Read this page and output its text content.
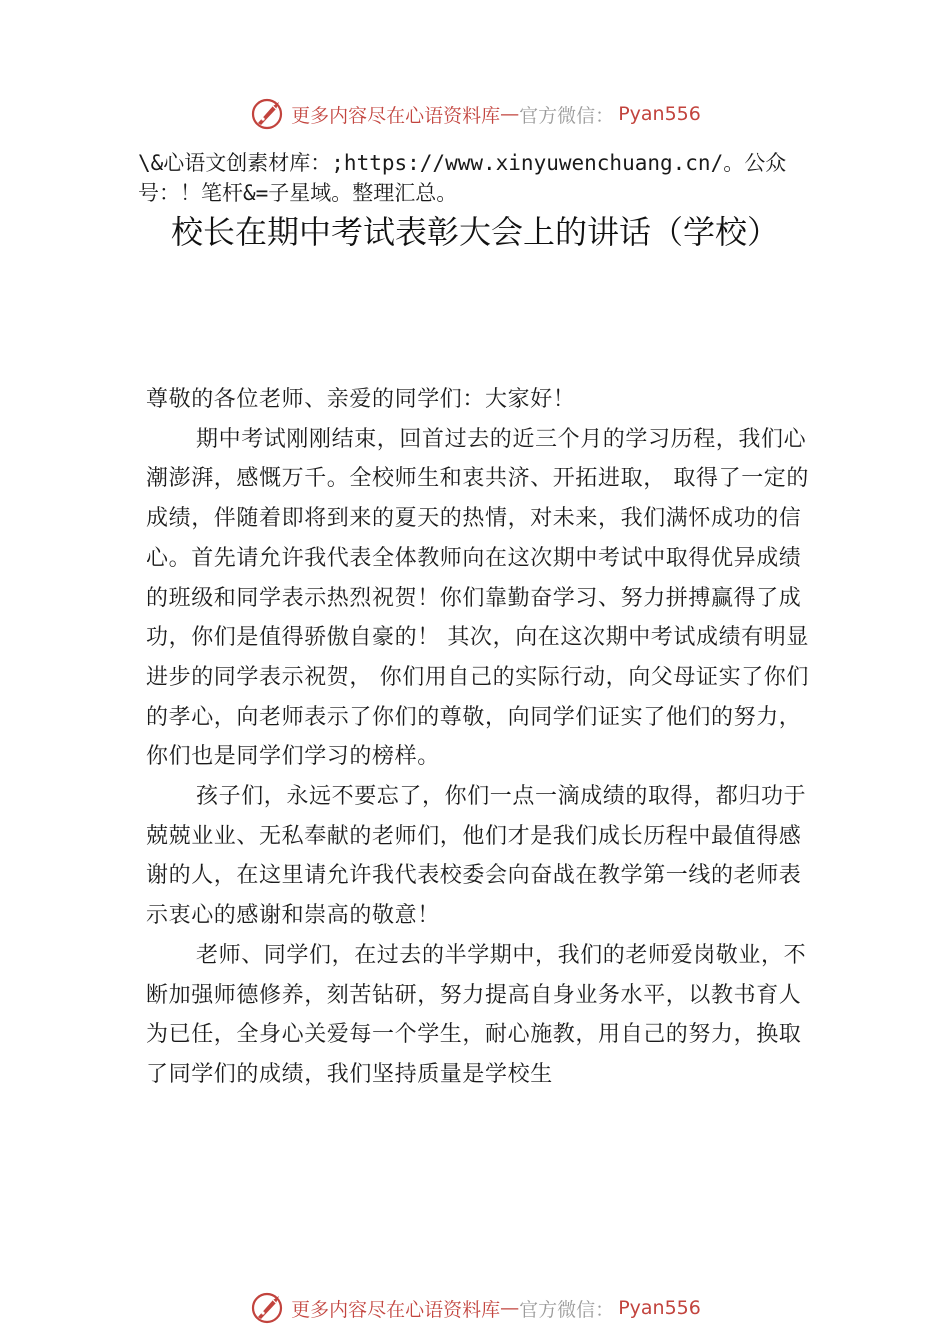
更多内容尽在心语资料库 — 官方微信： Pyan556
\&心语文创素材库：;https://www.xinyuwenchuang.cn/。公众号：！笔杆&=子星域。整理汇总。
校长在期中考试表彰大会上的讲话（学校）

尊敬的各位老师、亲爱的同学们：大家好！

期中考试刚刚结束，回首过去的近三个月的学习历程，我们心潮澎湃，感慨万千。全校师生和衷共济、开拓进取， 取得了一定的成绩，伴随着即将到来的夏天的热情，对未来，我们满怀成功的信心。首先请允许我代表全体教师向在这次期中考试中取得优异成绩的班级和同学表示热烈祝贺！你们靠勤奋学习、努力拼搏赢得了成功，你们是值得骄傲自豪的！ 其次，向在这次期中考试成绩有明显进步的同学表示祝贺， 你们用自己的实际行动，向父母证实了你们的孝心，向老师表示了你们的尊敬，向同学们证实了他们的努力，你们也是同学们学习的榜样。

孩子们，永远不要忘了，你们一点一滴成绩的取得，都归功于兢兢业业、无私奉献的老师们，他们才是我们成长历程中最值得感谢的人，在这里请允许我代表校委会向奋战在教学第一线的老师表示衷心的感谢和崇高的敬意！

老师、同学们，在过去的半学期中，我们的老师爱岗敬业，不断加强师德修养，刻苦钻研，努力提高自身业务水平，以教书育人为已任，全身心关爱每一个学生，耐心施教，用自己的努力，换取了同学们的成绩，我们坚持质量是学校生

更多内容尽在心语资料库 — 官方微信： Pyan556
